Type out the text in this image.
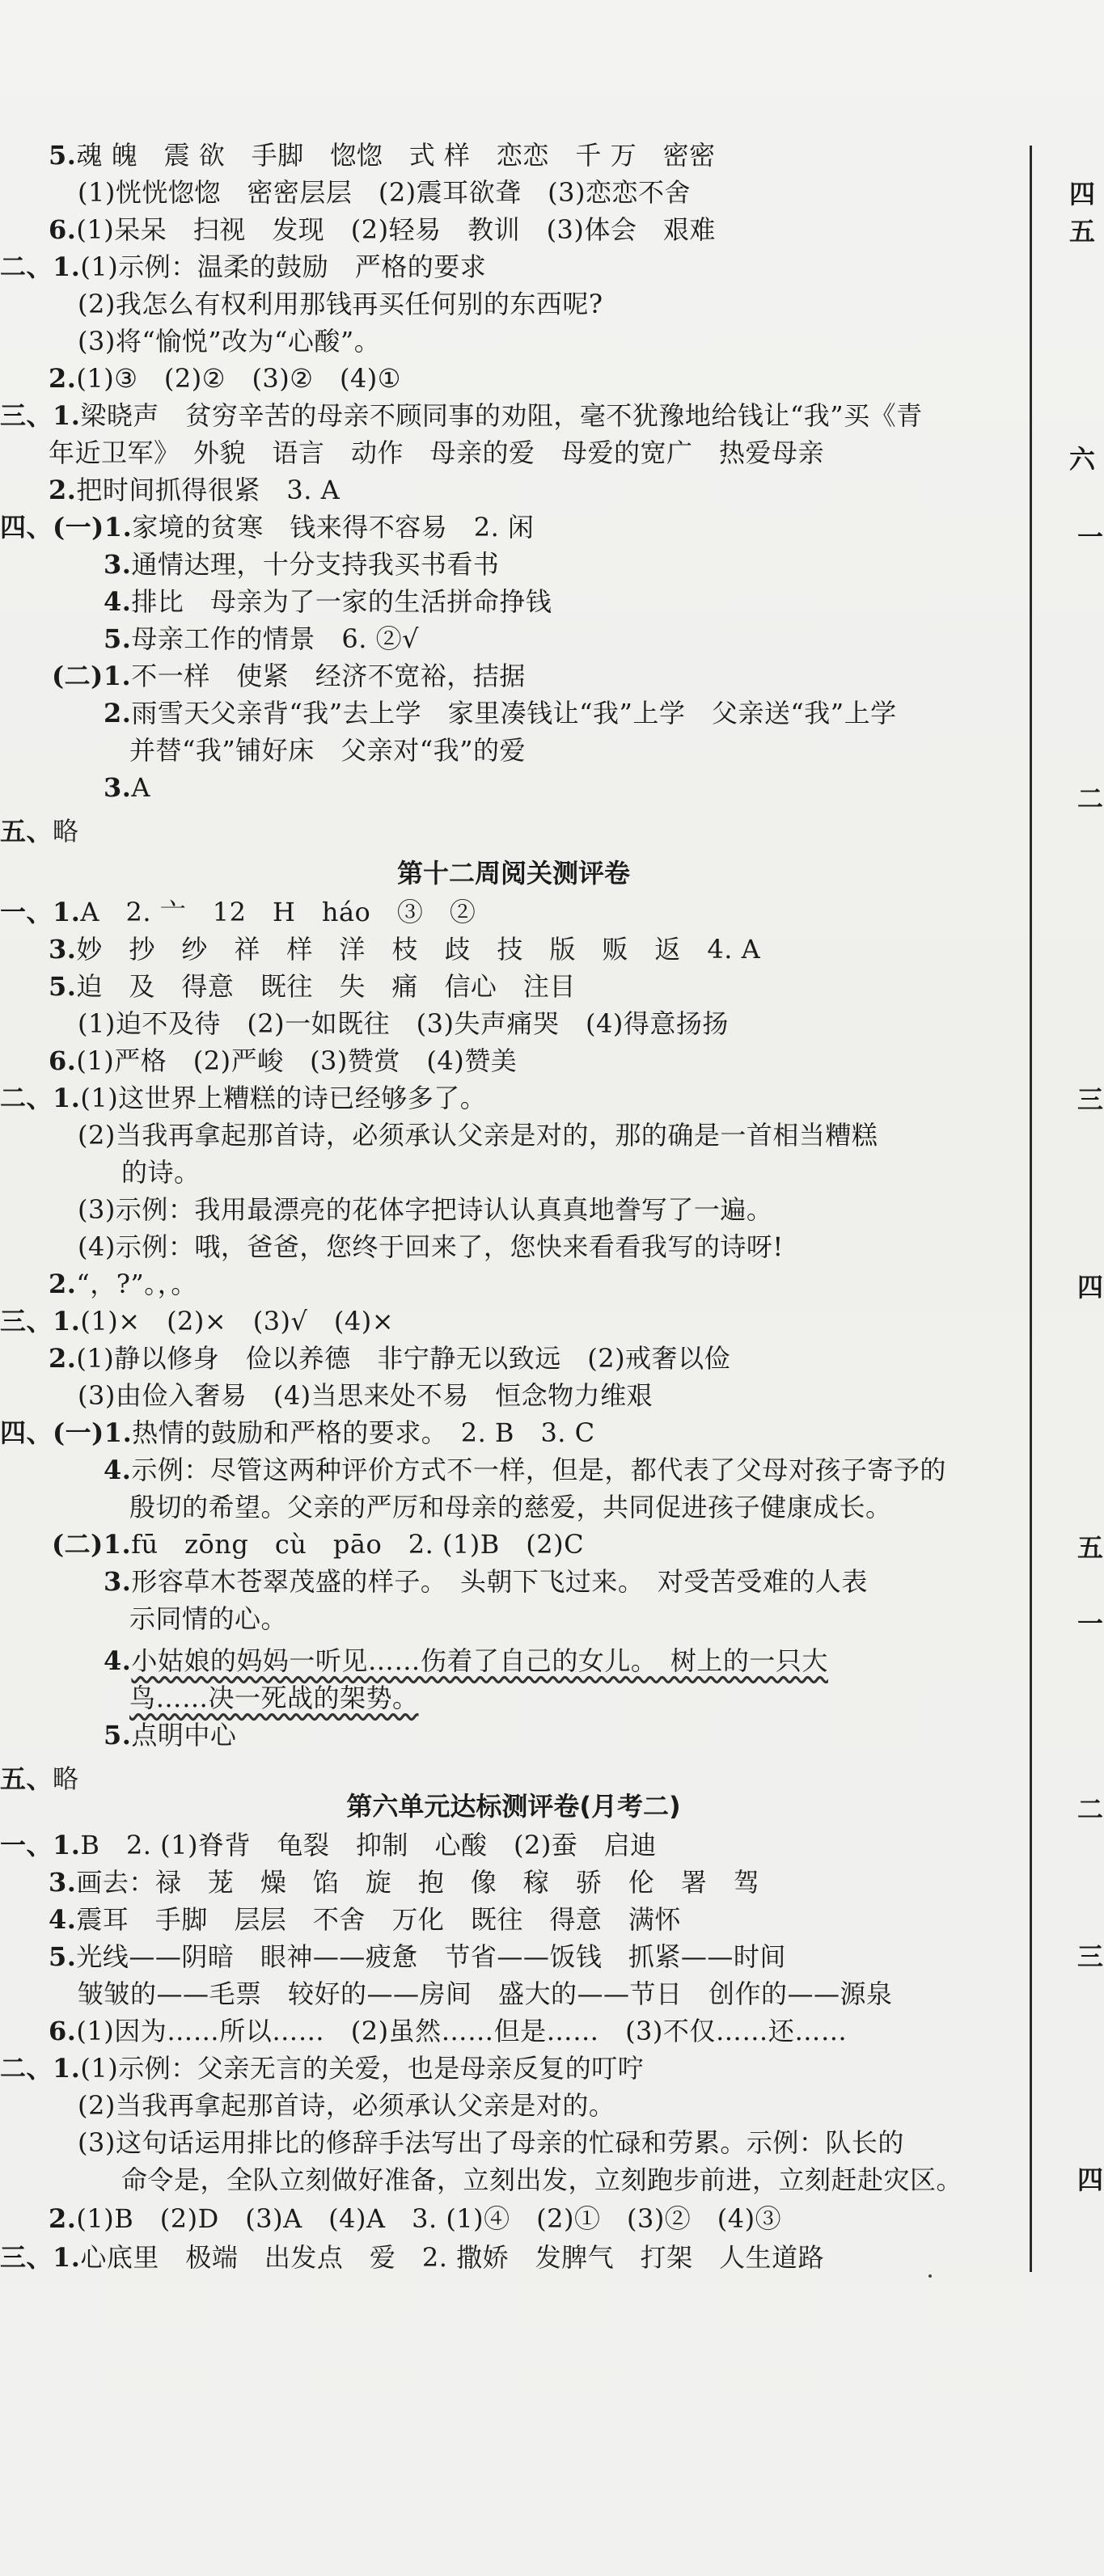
5.魂 魄　震 欲　手脚　惚惚　式 样　恋恋　千 万　密密
(1)恍恍惚惚　密密层层　(2)震耳欲聋　(3)恋恋不舍
6.(1)呆呆　扫视　发现　(2)轻易　教训　(3)体会　艰难
二、1.(1)示例：温柔的鼓励　严格的要求
(2)我怎么有权利用那钱再买任何别的东西呢?
(3)将“愉悦”改为“心酸”。
2.(1)③　(2)②　(3)②　(4)①
三、1.梁晓声　贫穷辛苦的母亲不顾同事的劝阻，毫不犹豫地给钱让“我”买《青
年近卫军》　外貌　语言　动作　母亲的爱　母爱的宽广　热爱母亲
2.把时间抓得很紧　3. A
四、(一)1.家境的贫寒　钱来得不容易　2. 闲
3.通情达理，十分支持我买书看书
4.排比　母亲为了一家的生活拼命挣钱
5.母亲工作的情景　6. ②√
(二)1.不一样　使紧　经济不宽裕，拮据
2.雨雪天父亲背“我”去上学　家里凑钱让“我”上学　父亲送“我”上学
并替“我”铺好床　父亲对“我”的爱
3.A
五、略
第十二周阅关测评卷
一、1.A　2. 亠　12　H　háo　③　②
3.妙　抄　纱　祥　样　洋　枝　歧　技　版　贩　返　4. A
5.迫　及　得意　既往　失　痛　信心　注目
(1)迫不及待　(2)一如既往　(3)失声痛哭　(4)得意扬扬
6.(1)严格　(2)严峻　(3)赞赏　(4)赞美
二、1.(1)这世界上糟糕的诗已经够多了。
(2)当我再拿起那首诗，必须承认父亲是对的，那的确是一首相当糟糕
的诗。
(3)示例：我用最漂亮的花体字把诗认认真真地誊写了一遍。
(4)示例：哦，爸爸，您终于回来了，您快来看看我写的诗呀!
2.“，?”。，。
三、1.(1)×　(2)×　(3)√　(4)×
2.(1)静以修身　俭以养德　非宁静无以致远　(2)戒奢以俭
(3)由俭入奢易　(4)当思来处不易　恒念物力维艰
四、(一)1.热情的鼓励和严格的要求。　2. B　3. C
4.示例：尽管这两种评价方式不一样，但是，都代表了父母对孩子寄予的
殷切的希望。父亲的严厉和母亲的慈爱，共同促进孩子健康成长。
(二)1.fū　zōng　cù　pāo　2. (1)B　(2)C
3.形容草木苍翠茂盛的样子。　头朝下飞过来。　对受苦受难的人表
示同情的心。
4.小姑娘的妈妈一听见……伤着了自己的女儿。　树上的一只大
鸟……决一死战的架势。
5.点明中心
五、略
第六单元达标测评卷(月考二)
一、1.B　2. (1)脊背　龟裂　抑制　心酸　(2)蚕　启迪
3.画去：禄　茏　燥　馅　旋　抱　像　稼　骄　伦　署　驾
4.震耳　手脚　层层　不舍　万化　既往　得意　满怀
5.光线——阴暗　眼神——疲惫　节省——饭钱　抓紧——时间
皱皱的——毛票　较好的——房间　盛大的——节日　创作的——源泉
6.(1)因为……所以……　(2)虽然……但是……　(3)不仅……还……
二、1.(1)示例：父亲无言的关爱，也是母亲反复的叮咛
(2)当我再拿起那首诗，必须承认父亲是对的。
(3)这句话运用排比的修辞手法写出了母亲的忙碌和劳累。示例：队长的
命令是，全队立刻做好准备，立刻出发，立刻跑步前进，立刻赶赴灾区。
2.(1)B　(2)D　(3)A　(4)A　3. (1)④　(2)①　(3)②　(4)③
三、1.心底里　极端　出发点　爱　2. 撒娇　发脾气　打架　人生道路
四
五
六
一
二
三
四
五
一
二
三
四
